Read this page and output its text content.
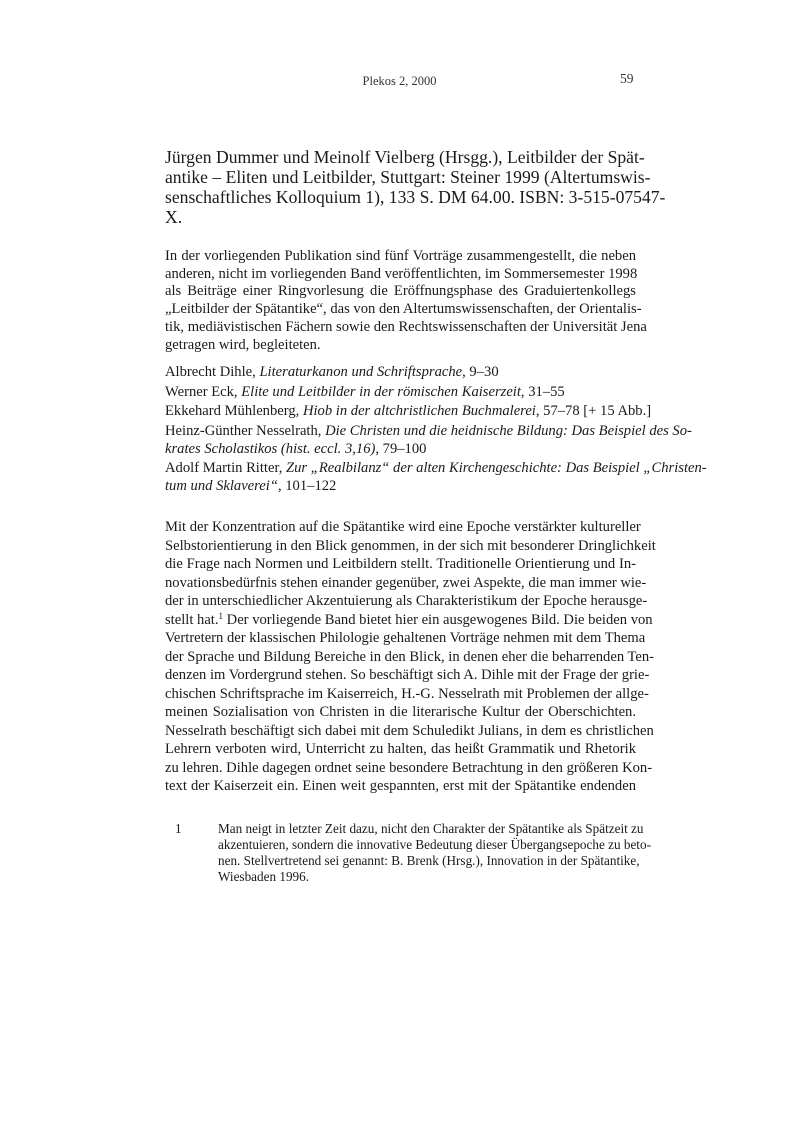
Plekos 2, 2000	59
Jürgen Dummer und Meinolf Vielberg (Hrsgg.), Leitbilder der Spät-
antike – Eliten und Leitbilder, Stuttgart: Steiner 1999 (Altertumswis-
senschaftliches Kolloquium 1), 133 S. DM 64.00. ISBN: 3-515-07547-
X.
In der vorliegenden Publikation sind fünf Vorträge zusammengestellt, die neben
anderen, nicht im vorliegenden Band veröffentlichten, im Sommersemester 1998
als Beiträge einer Ringvorlesung die Eröffnungsphase des Graduiertenkollegs
„Leitbilder der Spätantike“, das von den Altertumswissenschaften, der Orientalis-
tik, mediävistischen Fächern sowie den Rechtswissenschaften der Universität Jena
getragen wird, begleiteten.
Albrecht Dihle, Literaturkanon und Schriftsprache, 9–30
Werner Eck, Elite und Leitbilder in der römischen Kaiserzeit, 31–55
Ekkehard Mühlenberg, Hiob in der altchristlichen Buchmalerei, 57–78 [+ 15 Abb.]
Heinz-Günther Nesselrath, Die Christen und die heidnische Bildung: Das Beispiel des So-
krates Scholastikos (hist. eccl. 3,16), 79–100
Adolf Martin Ritter, Zur „Realbilanz“ der alten Kirchengeschichte: Das Beispiel „Christen-
tum und Sklaverei“, 101–122
Mit der Konzentration auf die Spätantike wird eine Epoche verstärkter kultureller
Selbstorientierung in den Blick genommen, in der sich mit besonderer Dringlichkeit
die Frage nach Normen und Leitbildern stellt. Traditionelle Orientierung und In-
novationsbedürfnis stehen einander gegenüber, zwei Aspekte, die man immer wie-
der in unterschiedlicher Akzentuierung als Charakteristikum der Epoche herausge-
stellt hat.$^1$ Der vorliegende Band bietet hier ein ausgewogenes Bild. Die beiden von
Vertretern der klassischen Philologie gehaltenen Vorträge nehmen mit dem Thema
der Sprache und Bildung Bereiche in den Blick, in denen eher die beharrenden Ten-
denzen im Vordergrund stehen. So beschäftigt sich A. Dihle mit der Frage der grie-
chischen Schriftsprache im Kaiserreich, H.-G. Nesselrath mit Problemen der allge-
meinen Sozialisation von Christen in die literarische Kultur der Oberschichten.
Nesselrath beschäftigt sich dabei mit dem Schuledikt Julians, in dem es christlichen
Lehrern verboten wird, Unterricht zu halten, das heißt Grammatik und Rhetorik
zu lehren. Dihle dagegen ordnet seine besondere Betrachtung in den größeren Kon-
text der Kaiserzeit ein. Einen weit gespannten, erst mit der Spätantike endenden
1	Man neigt in letzter Zeit dazu, nicht den Charakter der Spätantike als Spätzeit zu
akzentuieren, sondern die innovative Bedeutung dieser Übergangsepoche zu beto-
nen. Stellvertretend sei genannt: B. Brenk (Hrsg.), Innovation in der Spätantike,
Wiesbaden 1996.
